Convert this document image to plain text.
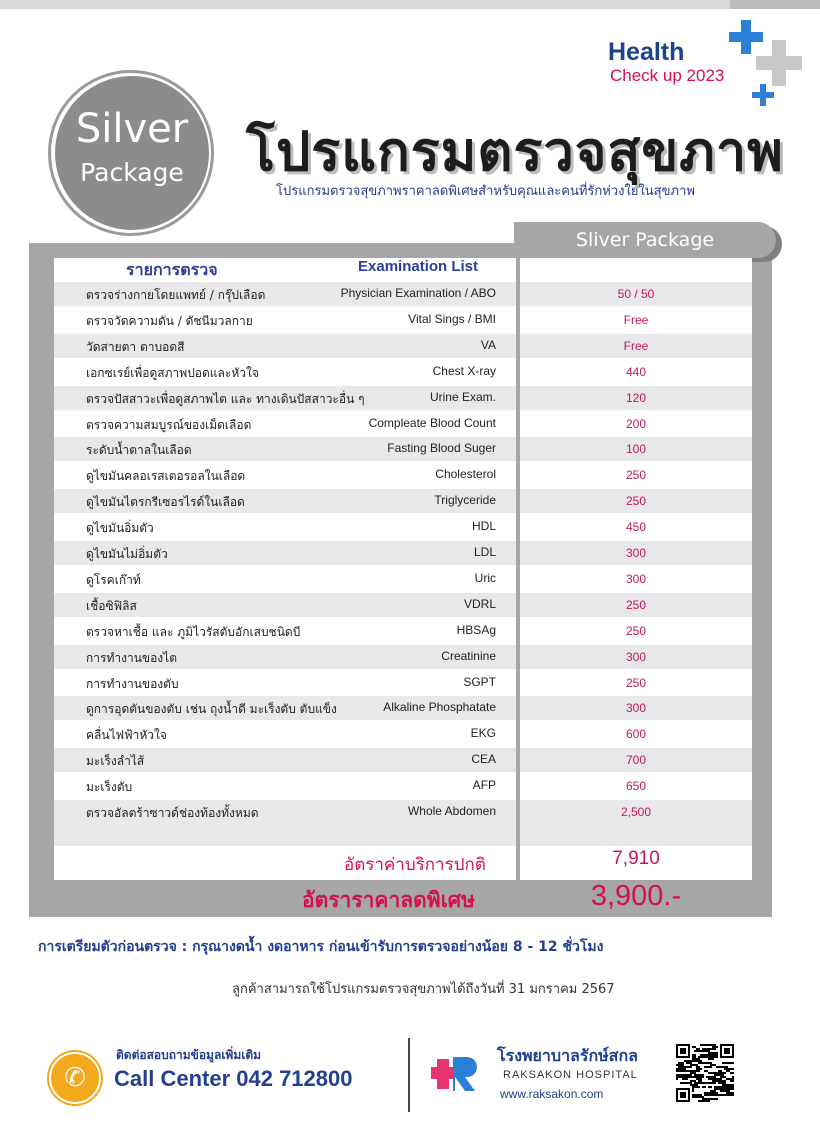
Silver
Package	โปรแกรมตรวจสุขภาพ
โปรแกรมตรวจสุขภาพราคาลดพิเศษสำหรับคุณและคนที่รักห่วงใยในสุขภาพ
Health
Check up 2023
Sliver Package
รายการตรวจ	Examination List
ตรวจร่างกายโดยแพทย์ / กรุ๊ปเลือด	Physician Examination / ABO	50 / 50
ตรวจวัดความดัน / ดัชนีมวลกาย	Vital Sings / BMI	Free
วัดสายตา ตาบอดสี	VA	Free
เอกซเรย์เพื่อดูสภาพปอดและหัวใจ	Chest X-ray	440
ตรวจปัสสาวะเพื่อดูสภาพไต และ ทางเดินปัสสาวะอื่น ๆ	Urine Exam.	120
ตรวจความสมบูรณ์ของเม็ดเลือด	Compleate Blood Count	200
ระดับน้ำตาลในเลือด	Fasting Blood Suger	100
ดูไขมันคลอเรสเตอรอลในเลือด	Cholesterol	250
ดูไขมันไตรกรีเซอรไรด์ในเลือด	Triglyceride	250
ดูไขมันอิ่มตัว	HDL	450
ดูไขมันไม่อิ่มตัว	LDL	300
ดูโรคเก๊าท์	Uric	300
เชื้อซิฟิลิส	VDRL	250
ตรวจหาเชื้อ และ ภูมิไวรัสตับอักเสบชนิดบี	HBSAg	250
การทำงานของไต	Creatinine	300
การทำงานของตับ	SGPT	250
ดูการอุดตันของตับ เช่น ถุงน้ำดี มะเร็งตับ ตับแข็ง	Alkaline Phosphatate	300
คลื่นไฟฟ้าหัวใจ	EKG	600
มะเร็งลำไส้	CEA	700
มะเร็งตับ	AFP	650
ตรวจอัลตร้าซาวด์ช่องท้องทั้งหมด	Whole Abdomen	2,500
อัตราค่าบริการปกติ	7,910
อัตราราคาลดพิเศษ	3,900.-
การเตรียมตัวก่อนตรวจ : กรุณางดน้ำ งดอาหาร ก่อนเข้ารับการตรวจอย่างน้อย 8 - 12 ชั่วโมง
ลูกค้าสามารถใช้โปรแกรมตรวจสุขภาพได้ถึงวันที่ 31 มกราคม 2567
✆
ติดต่อสอบถามข้อมูลเพิ่มเติม
Call Center 042 712800
โรงพยาบาลรักษ์สกล
RAKSAKON HOSPITAL
www.raksakon.com
